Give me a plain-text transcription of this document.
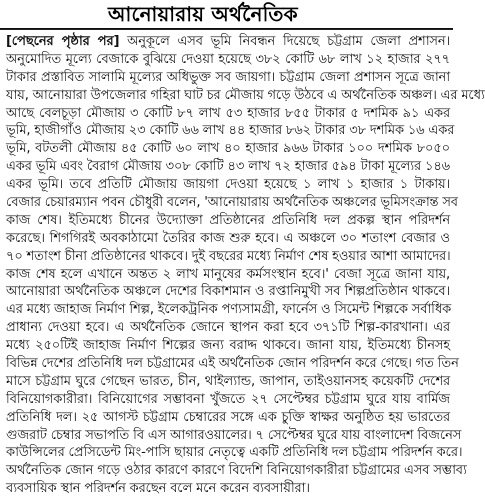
আনোয়ারায় অর্থনৈতিক
[পেছনের পৃষ্ঠার পর] অনুকূলে এসব ভূমি নিবন্ধন দিয়েছে চট্টগ্রাম জেলা প্রশাসন।
অনুমোদিত মূল্যে বেজাকে বুঝিয়ে দেওয়া হয়েছে ৩৮২ কোটি ৬৮ লাখ ১২ হাজার ২৭৭
টাকার প্রস্তাবিত সালামি মূল্যের অধিভুক্ত সব জায়গা। চট্টগ্রাম জেলা প্রশাসন সূত্রে জানা
যায়, আনোয়ারা উপজেলার গহিরা ঘাট চর মৌজায় গড়ে উঠবে এ অর্থনৈতিক অঞ্চল। এর মধ্যে
আছে বেলচূড়া মৌজায় ৩ কোটি ৮৭ লাখ ৫৩ হাজার ৮৫৫ টাকার ৫ দশমিক ৯১ একর
ভূমি, হাজীগাঁও মৌজায় ২৩ কোটি ৬৬ লাখ ৪৪ হাজার ৮৬২ টাকার ৩৮ দশমিক ১৬ একর
ভূমি, বটতলী মৌজায় ৪৫ কোটি ৬০ লাখ ৪০ হাজার ৯৬৬ টাকার ১০০ দশমিক ৮০৫০
একর ভূমি এবং বৈরাগ মৌজায় ৩০৮ কোটি ৪৩ লাখ ৭২ হাজার ৫৯৪ টাকা মূল্যের ১৪৬
একর ভূমি। তবে প্রতিটি মৌজায় জায়গা দেওয়া হয়েছে ১ লাখ ১ হাজার ১ টাকায়।
বেজার চেয়ারম্যান পবন চৌধুরী বলেন, 'আনোয়ারায় অর্থনৈতিক অঞ্চলের ভূমিসংক্রান্ত সব
কাজ শেষ। ইতিমধ্যে চীনের উদ্যোক্তা প্রতিষ্ঠানের প্রতিনিধি দল প্রকল্প স্থান পরিদর্শন
করেছে। শিগগিরই অবকাঠামো তৈরির কাজ শুরু হবে। এ অঞ্চলে ৩০ শতাংশ বেজার ও
৭০ শতাংশ চীনা প্রতিষ্ঠানের থাকবে। দুই বছরের মধ্যে নির্মাণ শেষ হওয়ার আশা আমাদের।
কাজ শেষ হলে এখানে অন্তত ২ লাখ মানুষের কর্মসংস্থান হবে।' বেজা সূত্রে জানা যায়,
আনোয়ারা অর্থনৈতিক অঞ্চলে দেশের বিকাশমান ও রপ্তানিমুখী সব শিল্পপ্রতিষ্ঠান থাকবে।
এর মধ্যে জাহাজ নির্মাণ শিল্প, ইলেকট্রনিক পণ্যসামগ্রী, ফার্নেস ও সিমেন্ট শিল্পকে সর্বাধিক
প্রাধান্য দেওয়া হবে। এ অর্থনৈতিক জোনে স্থাপন করা হবে ৩৭১টি শিল্প-কারখানা। এর
মধ্যে ২৫০টিই জাহাজ নির্মাণ শিল্পের জন্য বরাদ্দ থাকবে। জানা যায়, ইতিমধ্যে চীনসহ
বিভিন্ন দেশের প্রতিনিধি দল চট্টগ্রামের এই অর্থনৈতিক জোন পরিদর্শন করে গেছে। গত তিন
মাসে চট্টগ্রাম ঘুরে গেছেন ভারত, চীন, থাইল্যান্ড, জাপান, তাইওয়ানসহ কয়েকটি দেশের
বিনিয়োগকারীরা। বিনিয়োগের সম্ভাবনা খুঁজতে ২৭ সেপ্টেম্বর চট্টগ্রাম ঘুরে যায় বার্মিজ
প্রতিনিধি দল। ২৫ আগস্ট চট্টগ্রাম চেম্বারের সঙ্গে এক চুক্তি স্বাক্ষর অনুষ্ঠিত হয় ভারতের
গুজরাট চেম্বার সভাপতি বি এস আগারওয়ালের। ৭ সেপ্টেম্বর ঘুরে যায় বাংলাদেশ বিজনেস
কাউন্সিলের প্রেসিডেন্ট মিং-পাসি ছায়ার নেতৃত্বে একটি প্রতিনিধি দল চট্টগ্রাম পরিদর্শন করে।
অর্থনৈতিক জোন গড়ে ওঠার কারণে কারণে বিদেশি বিনিয়োগকারীরা চট্টগ্রামের এসব সম্ভাব্য
ব্যবসায়িক স্থান পরিদর্শন করছেন বলে মনে করেন ব্যবসায়ীরা।
